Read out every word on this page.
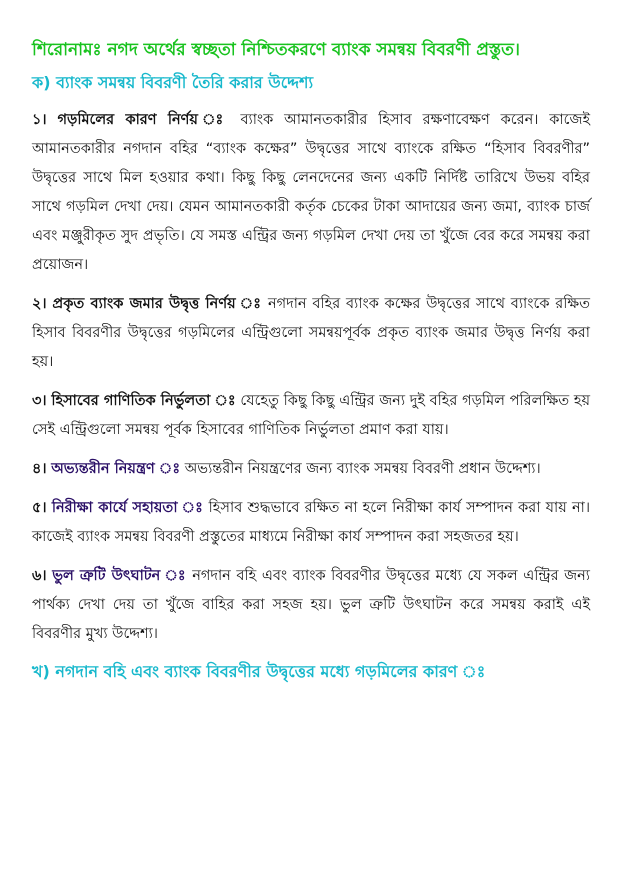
শিরোনামঃ নগদ অর্থের স্বচ্ছতা নিশ্চিতকরণে ব্যাংক সমন্বয় বিবরণী প্রস্তুত।

ক) ব্যাংক সমন্বয় বিবরণী তৈরি করার উদ্দেশ্য

১। গড়মিলের কারণ নির্ণয় ঃ ব্যাংক আমানতকারীর হিসাব রক্ষণাবেক্ষণ করেন। কাজেই আমানতকারীর নগদান বহির “ব্যাংক কক্ষের” উদ্বৃত্তের সাথে ব্যাংকে রক্ষিত “হিসাব বিবরণীর” উদ্বৃত্তের সাথে মিল হওয়ার কথা। কিছু কিছু লেনদেনের জন্য একটি নির্দিষ্ট তারিখে উভয় বহির সাথে গড়মিল দেখা দেয়। যেমন আমানতকারী কর্তৃক চেকের টাকা আদায়ের জন্য জমা, ব্যাংক চার্জ এবং মঞ্জুরীকৃত সুদ প্রভৃতি। যে সমস্ত এন্ট্রির জন্য গড়মিল দেখা দেয় তা খুঁজে বের করে সমন্বয় করা প্রয়োজন।

২। প্রকৃত ব্যাংক জমার উদ্বৃত্ত নির্ণয় ঃ নগদান বহির ব্যাংক কক্ষের উদ্বৃত্তের সাথে ব্যাংকে রক্ষিত হিসাব বিবরণীর উদ্বৃত্তের গড়মিলের এন্ট্রিগুলো সমন্বয়পূর্বক প্রকৃত ব্যাংক জমার উদ্বৃত্ত নির্ণয় করা হয়।

৩। হিসাবের গাণিতিক নির্ভুলতা ঃ যেহেতু কিছু কিছু এন্ট্রির জন্য দুই বহির গড়মিল পরিলক্ষিত হয় সেই এন্ট্রিগুলো সমন্বয় পূর্বক হিসাবের গাণিতিক নির্ভুলতা প্রমাণ করা যায়।

৪। অভ্যন্তরীন নিয়ন্ত্রণ ঃ অভ্যন্তরীন নিয়ন্ত্রণের জন্য ব্যাংক সমন্বয় বিবরণী প্রধান উদ্দেশ্য।

৫। নিরীক্ষা কার্যে সহায়তা ঃ হিসাব শুদ্ধভাবে রক্ষিত না হলে নিরীক্ষা কার্য সম্পাদন করা যায় না। কাজেই ব্যাংক সমন্বয় বিবরণী প্রস্তুতের মাধ্যমে নিরীক্ষা কার্য সম্পাদন করা সহজতর হয়।

৬। ভুল ত্রুটি উৎঘাটন ঃ নগদান বহি এবং ব্যাংক বিবরণীর উদ্বৃত্তের মধ্যে যে সকল এন্ট্রির জন্য পার্থক্য দেখা দেয় তা খুঁজে বাহির করা সহজ হয়। ভুল ত্রুটি উৎঘাটন করে সমন্বয় করাই এই বিবরণীর মুখ্য উদ্দেশ্য।

খ) নগদান বহি এবং ব্যাংক বিবরণীর উদ্বৃত্তের মধ্যে গড়মিলের কারণ ঃ
